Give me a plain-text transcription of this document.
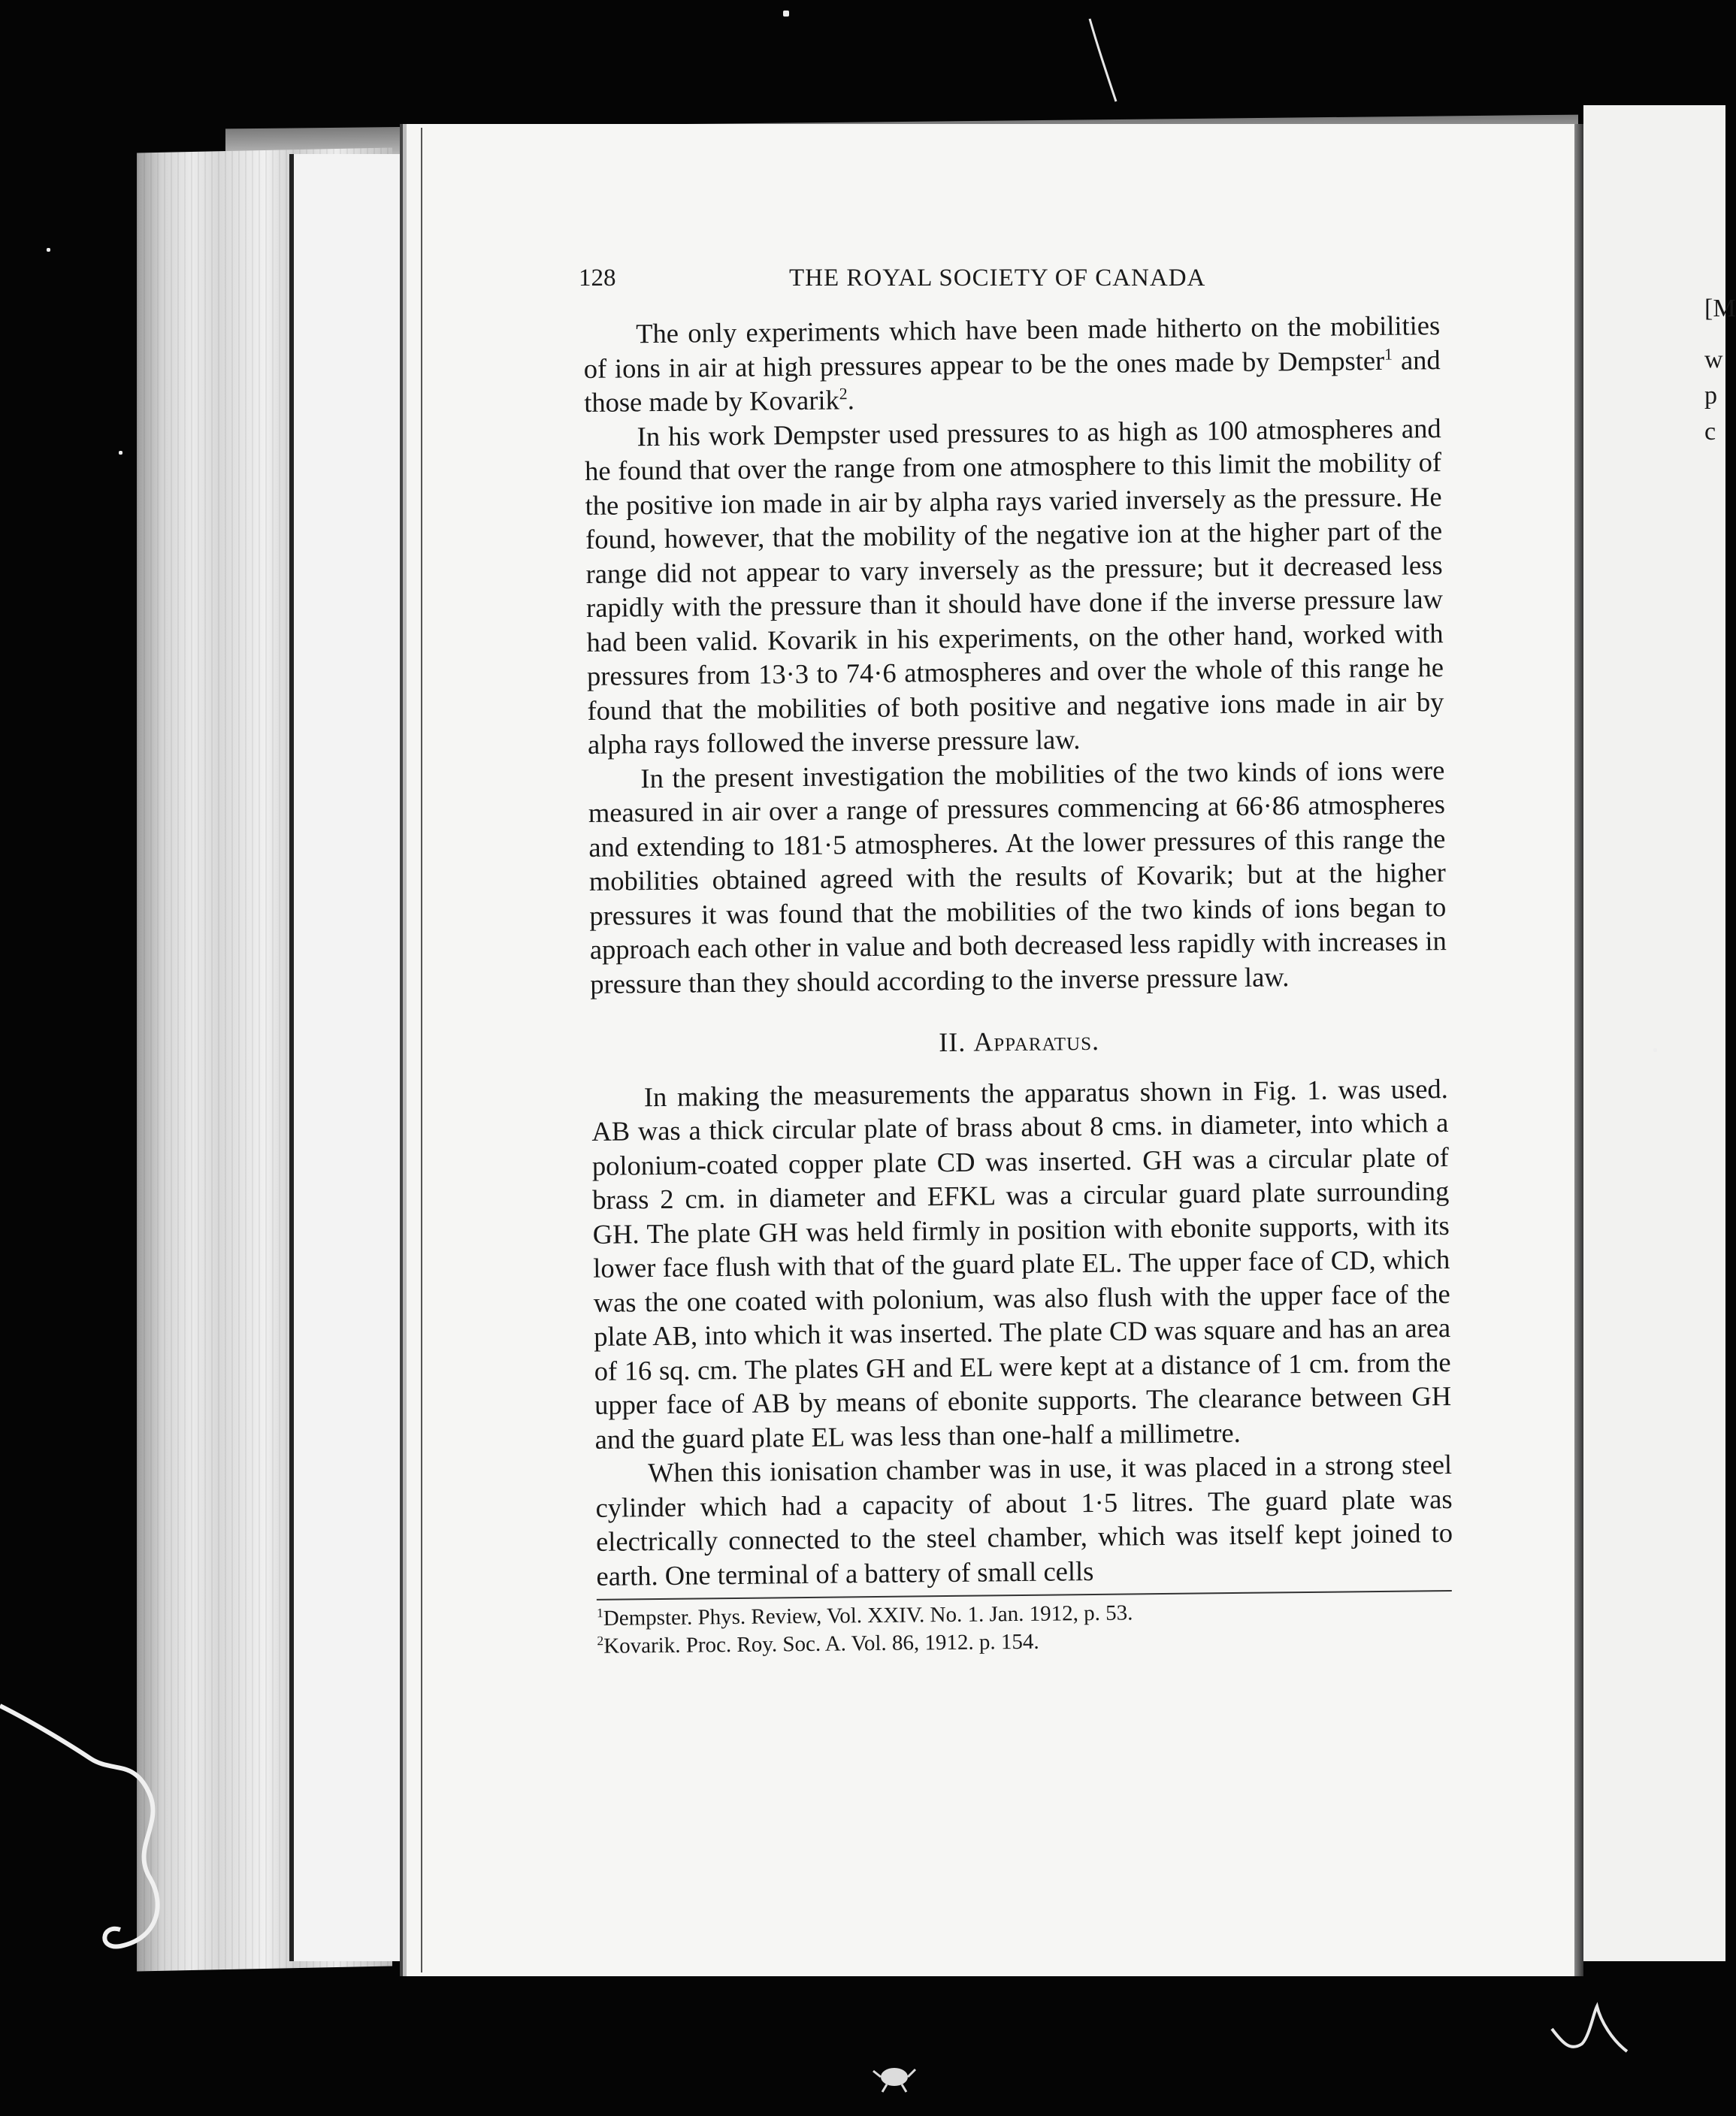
[M
w
p
c
128	THE ROYAL SOCIETY OF CANADA

The only experiments which have been made hitherto on the mobilities of ions in air at high pressures appear to be the ones made by Dempster$^1$ and those made by Kovarik$^2$.

In his work Dempster used pressures to as high as 100 atmospheres and he found that over the range from one atmosphere to this limit the mobility of the positive ion made in air by alpha rays varied inversely as the pressure. He found, however, that the mobility of the negative ion at the higher part of the range did not appear to vary inversely as the pressure; but it decreased less rapidly with the pressure than it should have done if the inverse pressure law had been valid. Kovarik in his experiments, on the other hand, worked with pressures from 13·3 to 74·6 atmospheres and over the whole of this range he found that the mobilities of both positive and negative ions made in air by alpha rays followed the inverse pressure law.

In the present investigation the mobilities of the two kinds of ions were measured in air over a range of pressures commencing at 66·86 atmospheres and extending to 181·5 atmospheres. At the lower pressures of this range the mobilities obtained agreed with the results of Kovarik; but at the higher pressures it was found that the mobilities of the two kinds of ions began to approach each other in value and both decreased less rapidly with increases in pressure than they should according to the inverse pressure law.

II. Apparatus.

In making the measurements the apparatus shown in Fig. 1. was used. AB was a thick circular plate of brass about 8 cms. in diameter, into which a polonium-coated copper plate CD was inserted. GH was a circular plate of brass 2 cm. in diameter and EFKL was a circular guard plate surrounding GH. The plate GH was held firmly in position with ebonite supports, with its lower face flush with that of the guard plate EL. The upper face of CD, which was the one coated with polonium, was also flush with the upper face of the plate AB, into which it was inserted. The plate CD was square and has an area of 16 sq. cm. The plates GH and EL were kept at a distance of 1 cm. from the upper face of AB by means of ebonite supports. The clearance between GH and the guard plate EL was less than one-half a millimetre.

When this ionisation chamber was in use, it was placed in a strong steel cylinder which had a capacity of about 1·5 litres. The guard plate was electrically connected to the steel chamber, which was itself kept joined to earth. One terminal of a battery of small cells

$^1$Dempster. Phys. Review, Vol. XXIV. No. 1. Jan. 1912, p. 53.

$^2$Kovarik. Proc. Roy. Soc. A. Vol. 86, 1912. p. 154.
